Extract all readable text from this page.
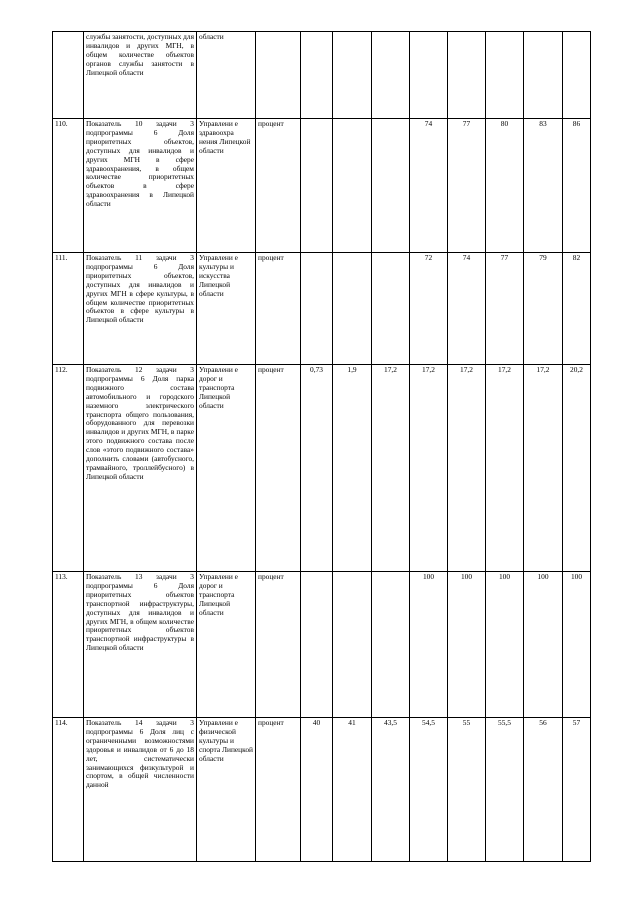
	службы занятости, доступных для инвалидов и других МГН, в общем количестве объектов органов службы занятости в Липецкой области	области									
110.	Показатель 10 задачи 3 подпрограммы 6 Доля приоритетных объектов, доступных для инвалидов и других МГН в сфере здравоохранения, в общем количестве приоритетных объектов в сфере здравоохранения в Липецкой области	Управлени е здравоохра нения Липецкой области	процент				74	77	80	83	86
111.	Показатель 11 задачи 3 подпрограммы 6 Доля приоритетных объектов, доступных для инвалидов и других МГН в сфере культуры, в общем количестве приоритетных объектов в сфере культуры в Липецкой области	Управлени е культуры и искусства Липецкой области	процент				72	74	77	79	82
112.	Показатель 12 задачи 3 подпрограммы 6 Доля парка подвижного состава автомобильного и городского наземного электрического транспорта общего пользования, оборудованного для перевозки инвалидов и других МГН, в парке этого подвижного состава после слов «этого подвижного состава» дополнить словами (автобусного, трамвайного, троллейбусного) в Липецкой области	Управлени е дорог и транспорта Липецкой области	процент	0,73	1,9	17,2	17,2	17,2	17,2	17,2	20,2
113.	Показатель 13 задачи 3 подпрограммы 6 Доля приоритетных объектов транспортной инфраструктуры, доступных для инвалидов и других МГН, в общем количестве приоритетных объектов транспортной инфраструктуры в Липецкой области	Управлени е дорог и транспорта Липецкой области	процент				100	100	100	100	100
114.	Показатель 14 задачи 3 подпрограммы 6 Доля лиц с ограниченными возможностями здоровья и инвалидов от 6 до 18 лет, систематически занимающихся физкультурой и спортом, в общей численности данной	Управлени е физической культуры и спорта Липецкой области	процент	40	41	43,5	54,5	55	55,5	56	57
